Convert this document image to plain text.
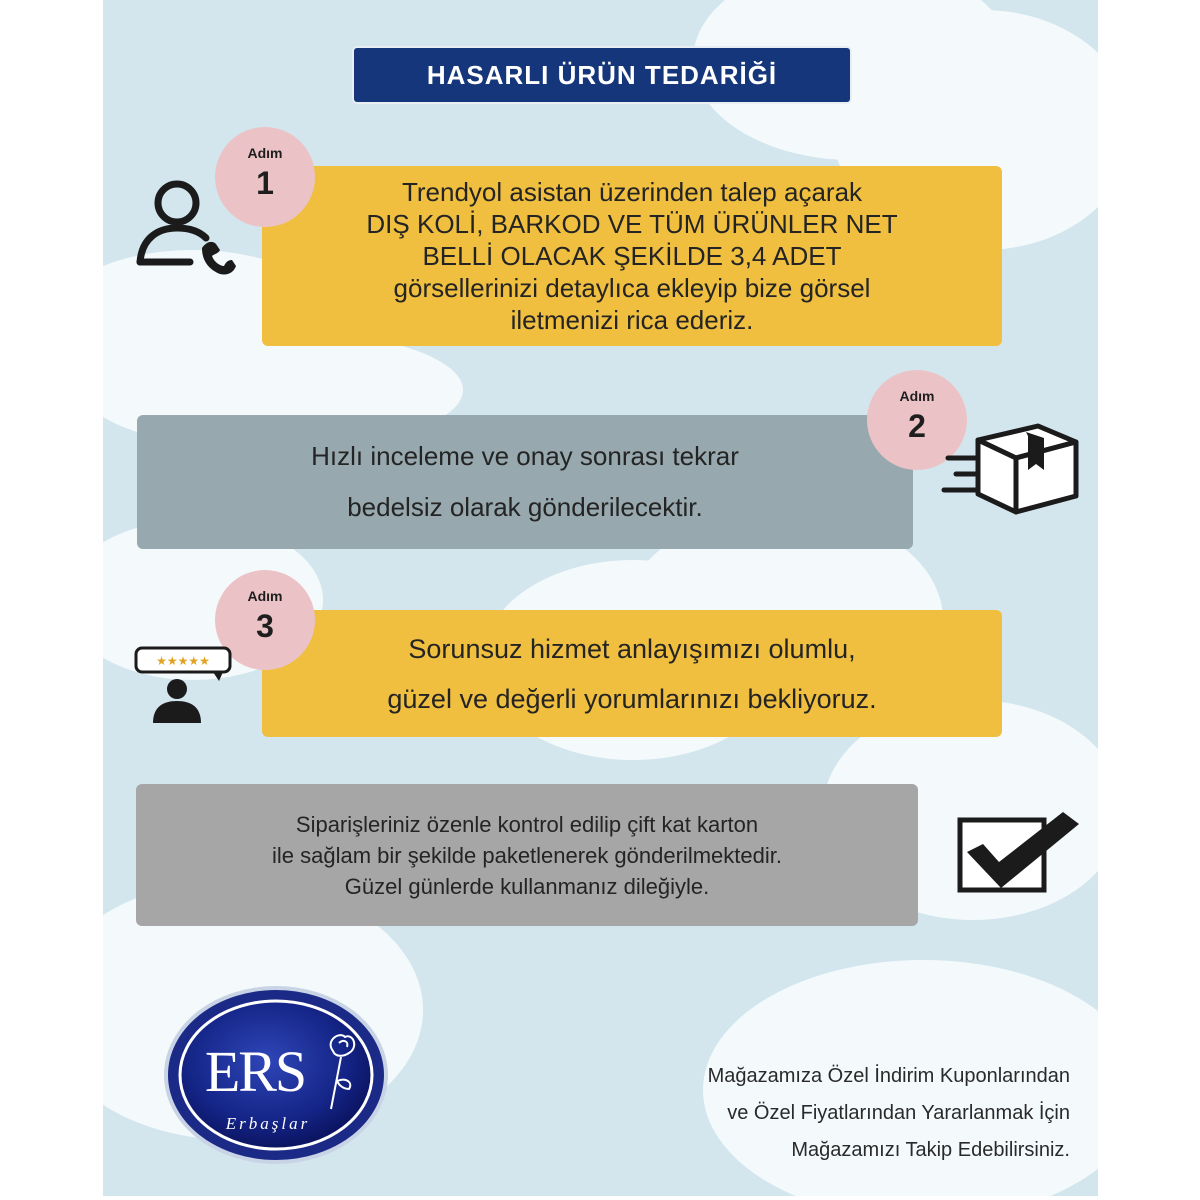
HASARLI ÜRÜN TEDARİĞİ
Trendyol asistan üzerinden talep açarak
DIŞ KOLİ, BARKOD VE TÜM ÜRÜNLER NET
BELLİ OLACAK ŞEKİLDE 3,4 ADET
görsellerinizi detaylıca ekleyip bize görsel
iletmenizi rica ederiz.
Adım
1
Hızlı inceleme ve onay sonrası tekrar
bedelsiz olarak gönderilecektir.
Adım
2
Sorunsuz hizmet anlayışımızı olumlu,
güzel ve değerli yorumlarınızı bekliyoruz.
Adım
3
★★★★★
Siparişleriniz özenle kontrol edilip çift kat karton
ile sağlam bir şekilde paketlenerek gönderilmektedir.
Güzel günlerde kullanmanız dileğiyle.
ERS
Erbaşlar
Mağazamıza Özel İndirim Kuponlarından
ve Özel Fiyatlarından Yararlanmak İçin
Mağazamızı Takip Edebilirsiniz.
